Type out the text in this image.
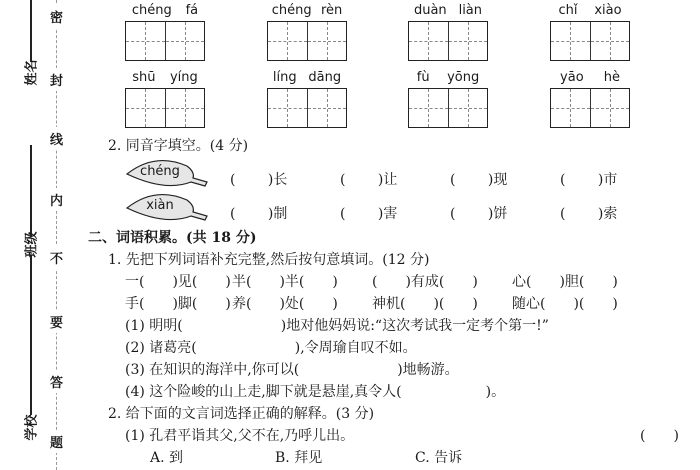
姓名
班级
学校
密
封
线
内
不
要
答
题
chéng fá	chéng rèn	duàn liàn	chǐ xiào
shū yíng	líng dāng	fù yōng	yāo hè
2. 同音字填空。(4 分)
chéng
(　　 )长	(　　 )让	(　　 )现	(　　 )市
xiàn
(　　 )制	(　　 )害	(　　 )饼	(　　 )索
二、词语积累。(共 18 分)
1. 先把下列词语补充完整,然后按句意填词。(12 分)
一(　　)见(　　) 半(　　)半(　　) (　　)有成(　　) 心(　　)胆(　　)
手(　　)脚(　　) 养(　　)处(　　) 神机(　　)(　　) 随心(　　)(　　)
(1) 明明(　　　　　　　)地对他妈妈说:“这次考试我一定考个第一!”
(2) 诸葛亮(　　　　　　　),令周瑜自叹不如。
(3) 在知识的海洋中,你可以(　　　　　　　)地畅游。
(4) 这个险峻的山上走,脚下就是悬崖,真令人(　　　　　　)。
2. 给下面的文言词选择正确的解释。(3 分)
(1) 孔君平诣其父,父不在,乃呼儿出。	(　　)
A. 到	B. 拜见	C. 告诉
